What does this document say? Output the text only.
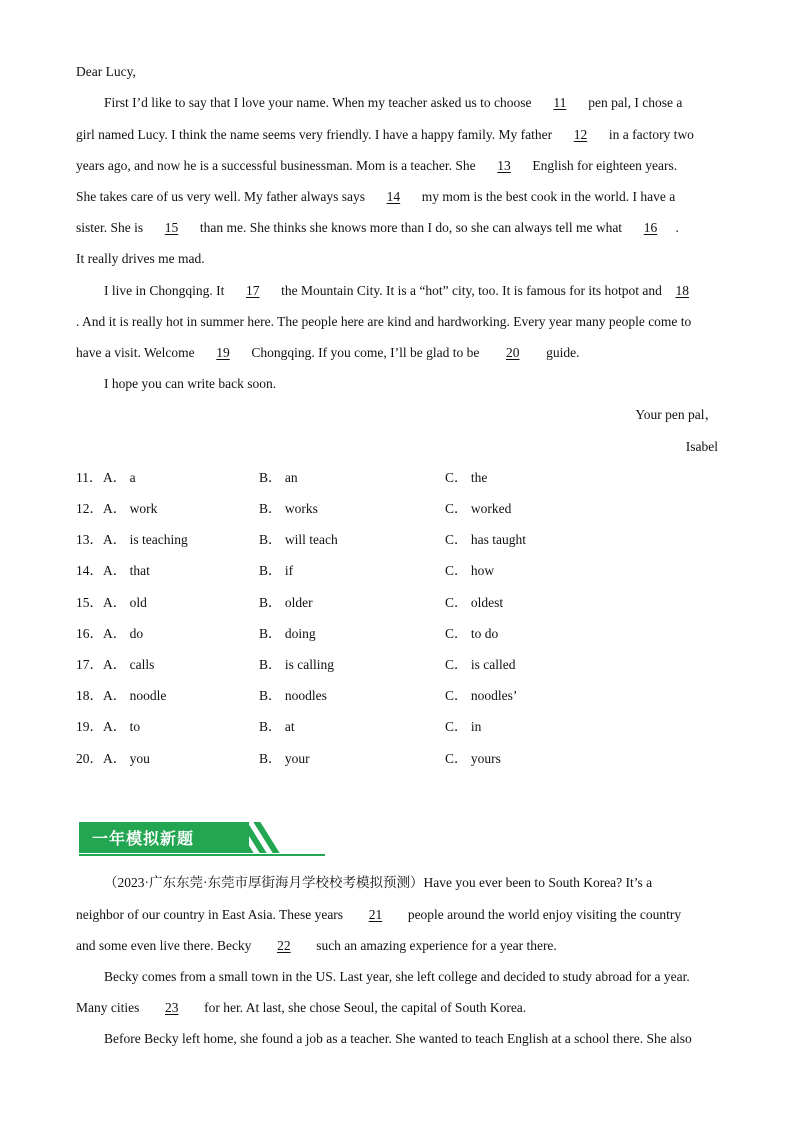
Dear Lucy,
First I’d like to say that I love your name. When my teacher asked us to choose 11 pen pal, I chose a
girl named Lucy. I think the name seems very friendly. I have a happy family. My father 12 in a factory two
years ago, and now he is a successful businessman. Mom is a teacher. She 13 English for eighteen years.
She takes care of us very well. My father always says 14 my mom is the best cook in the world. I have a
sister. She is 15 than me. She thinks she knows more than I do, so she can always tell me what 16 .
It really drives me mad.
I live in Chongqing. It 17 the Mountain City. It is a “hot” city, too. It is famous for its hotpot and 18
. And it is really hot in summer here. The people here are kind and hardworking. Every year many people come to
have a visit. Welcome 19 Chongqing. If you come, I’ll be glad to be 20 guide.
I hope you can write back soon.
Your pen pal，
Isabel
11． A． a	B． an	C． the
12． A． work	B． works	C． worked
13． A． is teaching	B． will teach	C． has taught
14． A． that	B． if	C． how
15． A． old	B． older	C． oldest
16． A． do	B． doing	C． to do
17． A． calls	B． is calling	C． is called
18． A． noodle	B． noodles	C． noodles’
19． A． to	B． at	C． in
20． A． you	B． your	C． yours
一年模拟新题
（2023·广东东莞·东莞市厚街海月学校校考模拟预测）Have you ever been to South Korea? It’s a
neighbor of our country in East Asia. These years 21 people around the world enjoy visiting the country
and some even live there. Becky 22 such an amazing experience for a year there.
Becky comes from a small town in the US. Last year, she left college and decided to study abroad for a year.
Many cities 23 for her. At last, she chose Seoul, the capital of South Korea.
Before Becky left home, she found a job as a teacher. She wanted to teach English at a school there. She also
